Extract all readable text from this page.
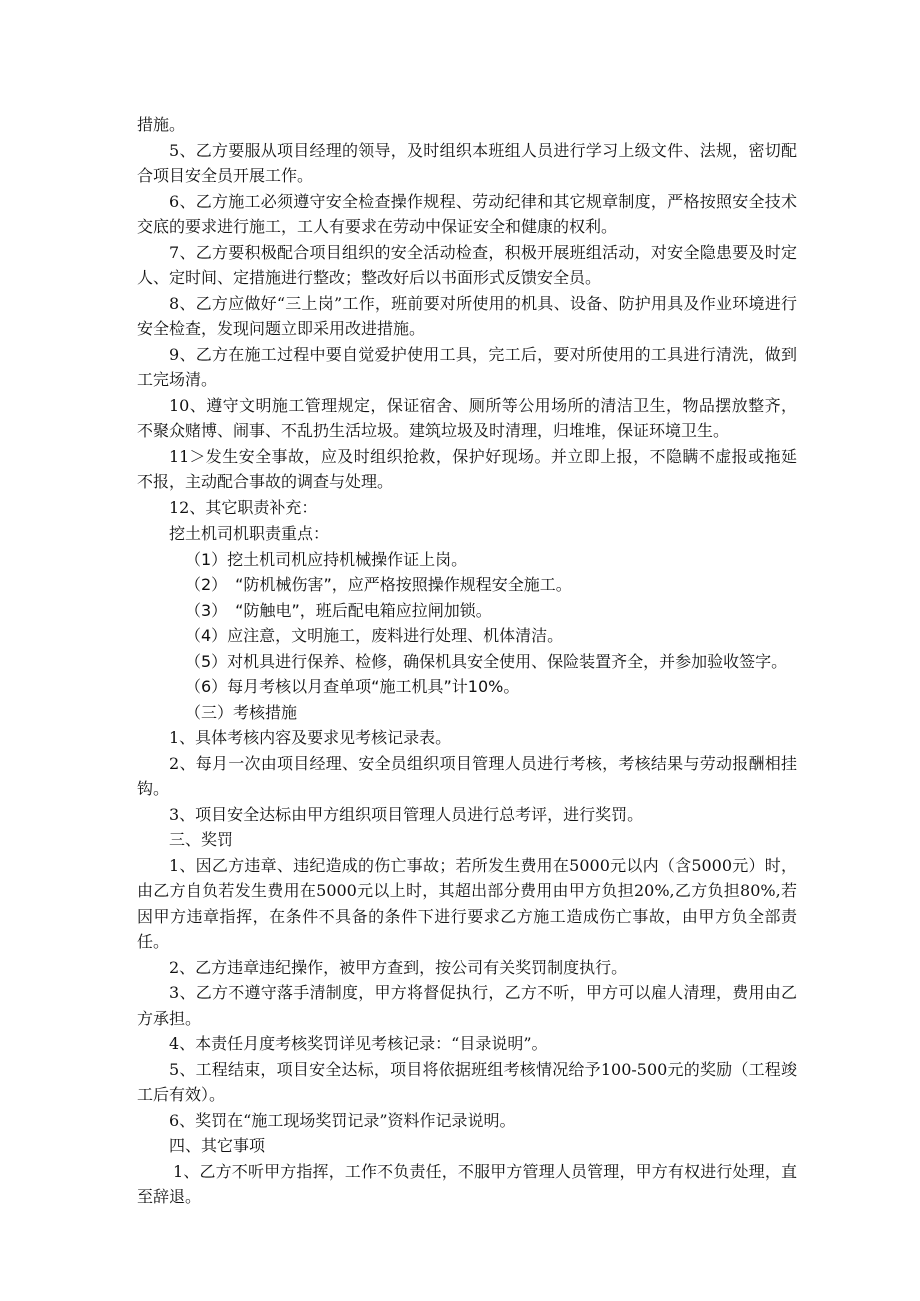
措施。

5、乙方要服从项目经理的领导，及时组织本班组人员进行学习上级文件、法规，密切配合项目安全员开展工作。

6、乙方施工必须遵守安全检查操作规程、劳动纪律和其它规章制度，严格按照安全技术交底的要求进行施工，工人有要求在劳动中保证安全和健康的权利。

7、乙方要积极配合项目组织的安全活动检查，积极开展班组活动，对安全隐患要及时定人、定时间、定措施进行整改；整改好后以书面形式反馈安全员。

8、乙方应做好“三上岗”工作，班前要对所使用的机具、设备、防护用具及作业环境进行安全检查，发现问题立即采用改进措施。

9、乙方在施工过程中要自觉爱护使用工具，完工后，要对所使用的工具进行清洗，做到工完场清。

10、遵守文明施工管理规定，保证宿舍、厕所等公用场所的清洁卫生，物品摆放整齐，不聚众赌博、闹事、不乱扔生活垃圾。建筑垃圾及时清理，归堆堆，保证环境卫生。

11＞发生安全事故，应及时组织抢救，保护好现场。并立即上报，不隐瞒不虚报或拖延不报，主动配合事故的调查与处理。

12、其它职责补充：

挖土机司机职责重点：

（1）挖土机司机应持机械操作证上岗。

（2）　“防机械伤害”，应严格按照操作规程安全施工。

（3）　“防触电”，班后配电箱应拉闸加锁。

（4）应注意，文明施工，废料进行处理、机体清洁。

（5）对机具进行保养、检修，确保机具安全使用、保险装置齐全，并参加验收签字。

（6）每月考核以月查单项“施工机具”计10%。

（三）考核措施

1、具体考核内容及要求见考核记录表。

2、每月一次由项目经理、安全员组织项目管理人员进行考核，考核结果与劳动报酬相挂钩。

3、项目安全达标由甲方组织项目管理人员进行总考评，进行奖罚。

三、奖罚

1、因乙方违章、违纪造成的伤亡事故；若所发生费用在5000元以内（含5000元）时，由乙方自负若发生费用在5000元以上时，其超出部分费用由甲方负担20%,乙方负担80%,若因甲方违章指挥，在条件不具备的条件下进行要求乙方施工造成伤亡事故，由甲方负全部责任。

2、乙方违章违纪操作，被甲方查到，按公司有关奖罚制度执行。

3、乙方不遵守落手清制度，甲方将督促执行，乙方不听，甲方可以雇人清理，费用由乙方承担。

4、本责任月度考核奖罚详见考核记录：“目录说明”。

5、工程结束，项目安全达标，项目将依据班组考核情况给予100-500元的奖励（工程竣工后有效）。

6、奖罚在“施工现场奖罚记录”资料作记录说明。

四、其它事项

1、乙方不听甲方指挥，工作不负责任，不服甲方管理人员管理，甲方有权进行处理，直至辞退。
